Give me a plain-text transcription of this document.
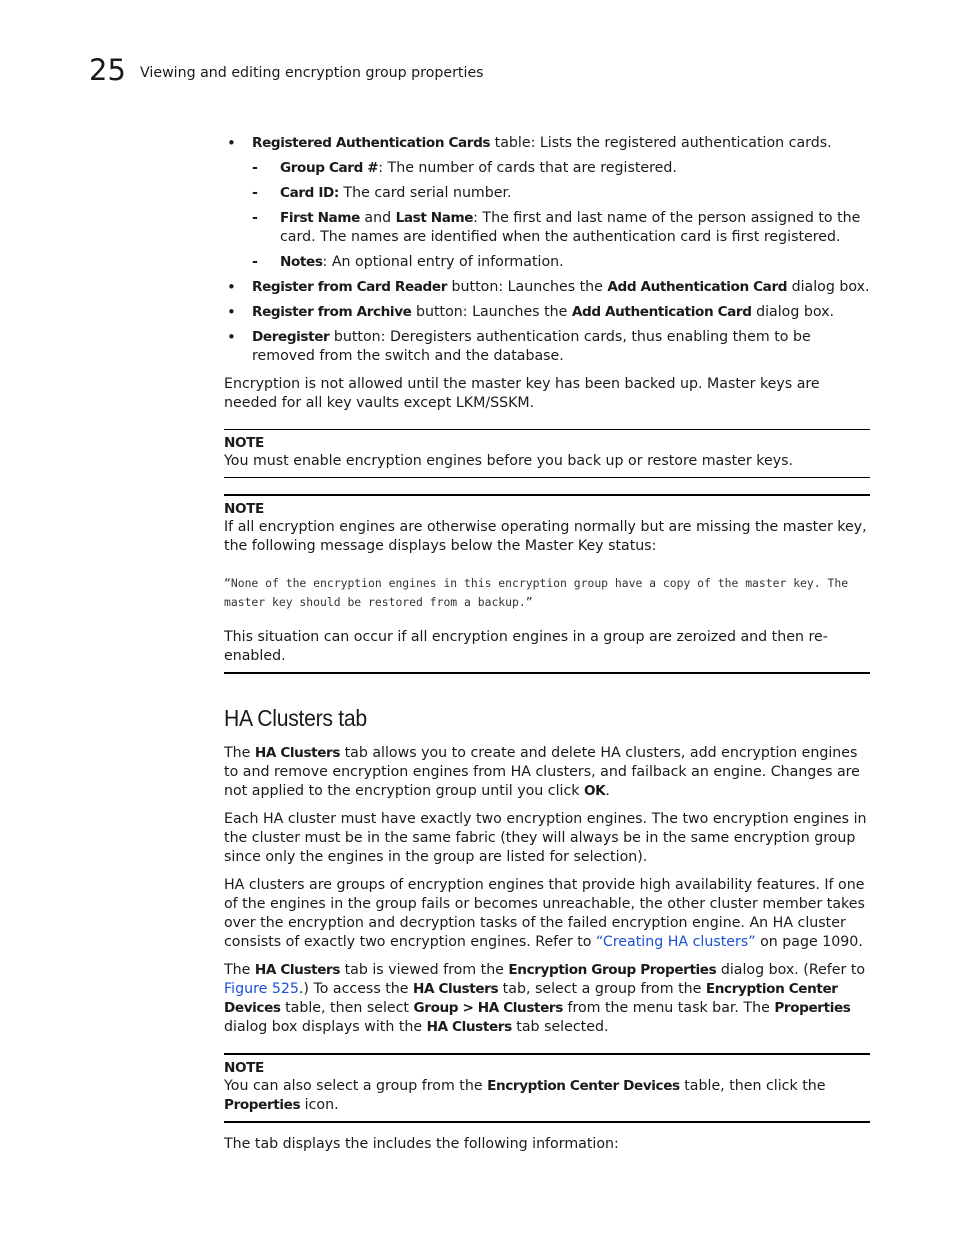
25 Viewing and editing encryption group properties
• Registered Authentication Cards table: Lists the registered authentication cards.
- Group Card #: The number of cards that are registered.
- Card ID: The card serial number.
- First Name and Last Name: The first and last name of the person assigned to the card. The names are identified when the authentication card is first registered.
- Notes: An optional entry of information.
• Register from Card Reader button: Launches the Add Authentication Card dialog box.
• Register from Archive button: Launches the Add Authentication Card dialog box.
• Deregister button: Deregisters authentication cards, thus enabling them to be removed from the switch and the database.

Encryption is not allowed until the master key has been backed up. Master keys are needed for all key vaults except LKM/SSKM.

NOTE
You must enable encryption engines before you back up or restore master keys.
NOTE
If all encryption engines are otherwise operating normally but are missing the master key, the following message displays below the Master Key status:
“None of the encryption engines in this encryption group have a copy of the master key. The master key should be restored from a backup.”
This situation can occur if all encryption engines in a group are zeroized and then re-enabled.
HA Clusters tab

The HA Clusters tab allows you to create and delete HA clusters, add encryption engines to and remove encryption engines from HA clusters, and failback an engine. Changes are not applied to the encryption group until you click OK.

Each HA cluster must have exactly two encryption engines. The two encryption engines in the cluster must be in the same fabric (they will always be in the same encryption group since only the engines in the group are listed for selection).

HA clusters are groups of encryption engines that provide high availability features. If one of the engines in the group fails or becomes unreachable, the other cluster member takes over the encryption and decryption tasks of the failed encryption engine. An HA cluster consists of exactly two encryption engines. Refer to “Creating HA clusters” on page 1090.

The HA Clusters tab is viewed from the Encryption Group Properties dialog box. (Refer to Figure 525.) To access the HA Clusters tab, select a group from the Encryption Center Devices table, then select Group > HA Clusters from the menu task bar. The Properties dialog box displays with the HA Clusters tab selected.

NOTE
You can also select a group from the Encryption Center Devices table, then click the Properties icon.

The tab displays the includes the following information:
